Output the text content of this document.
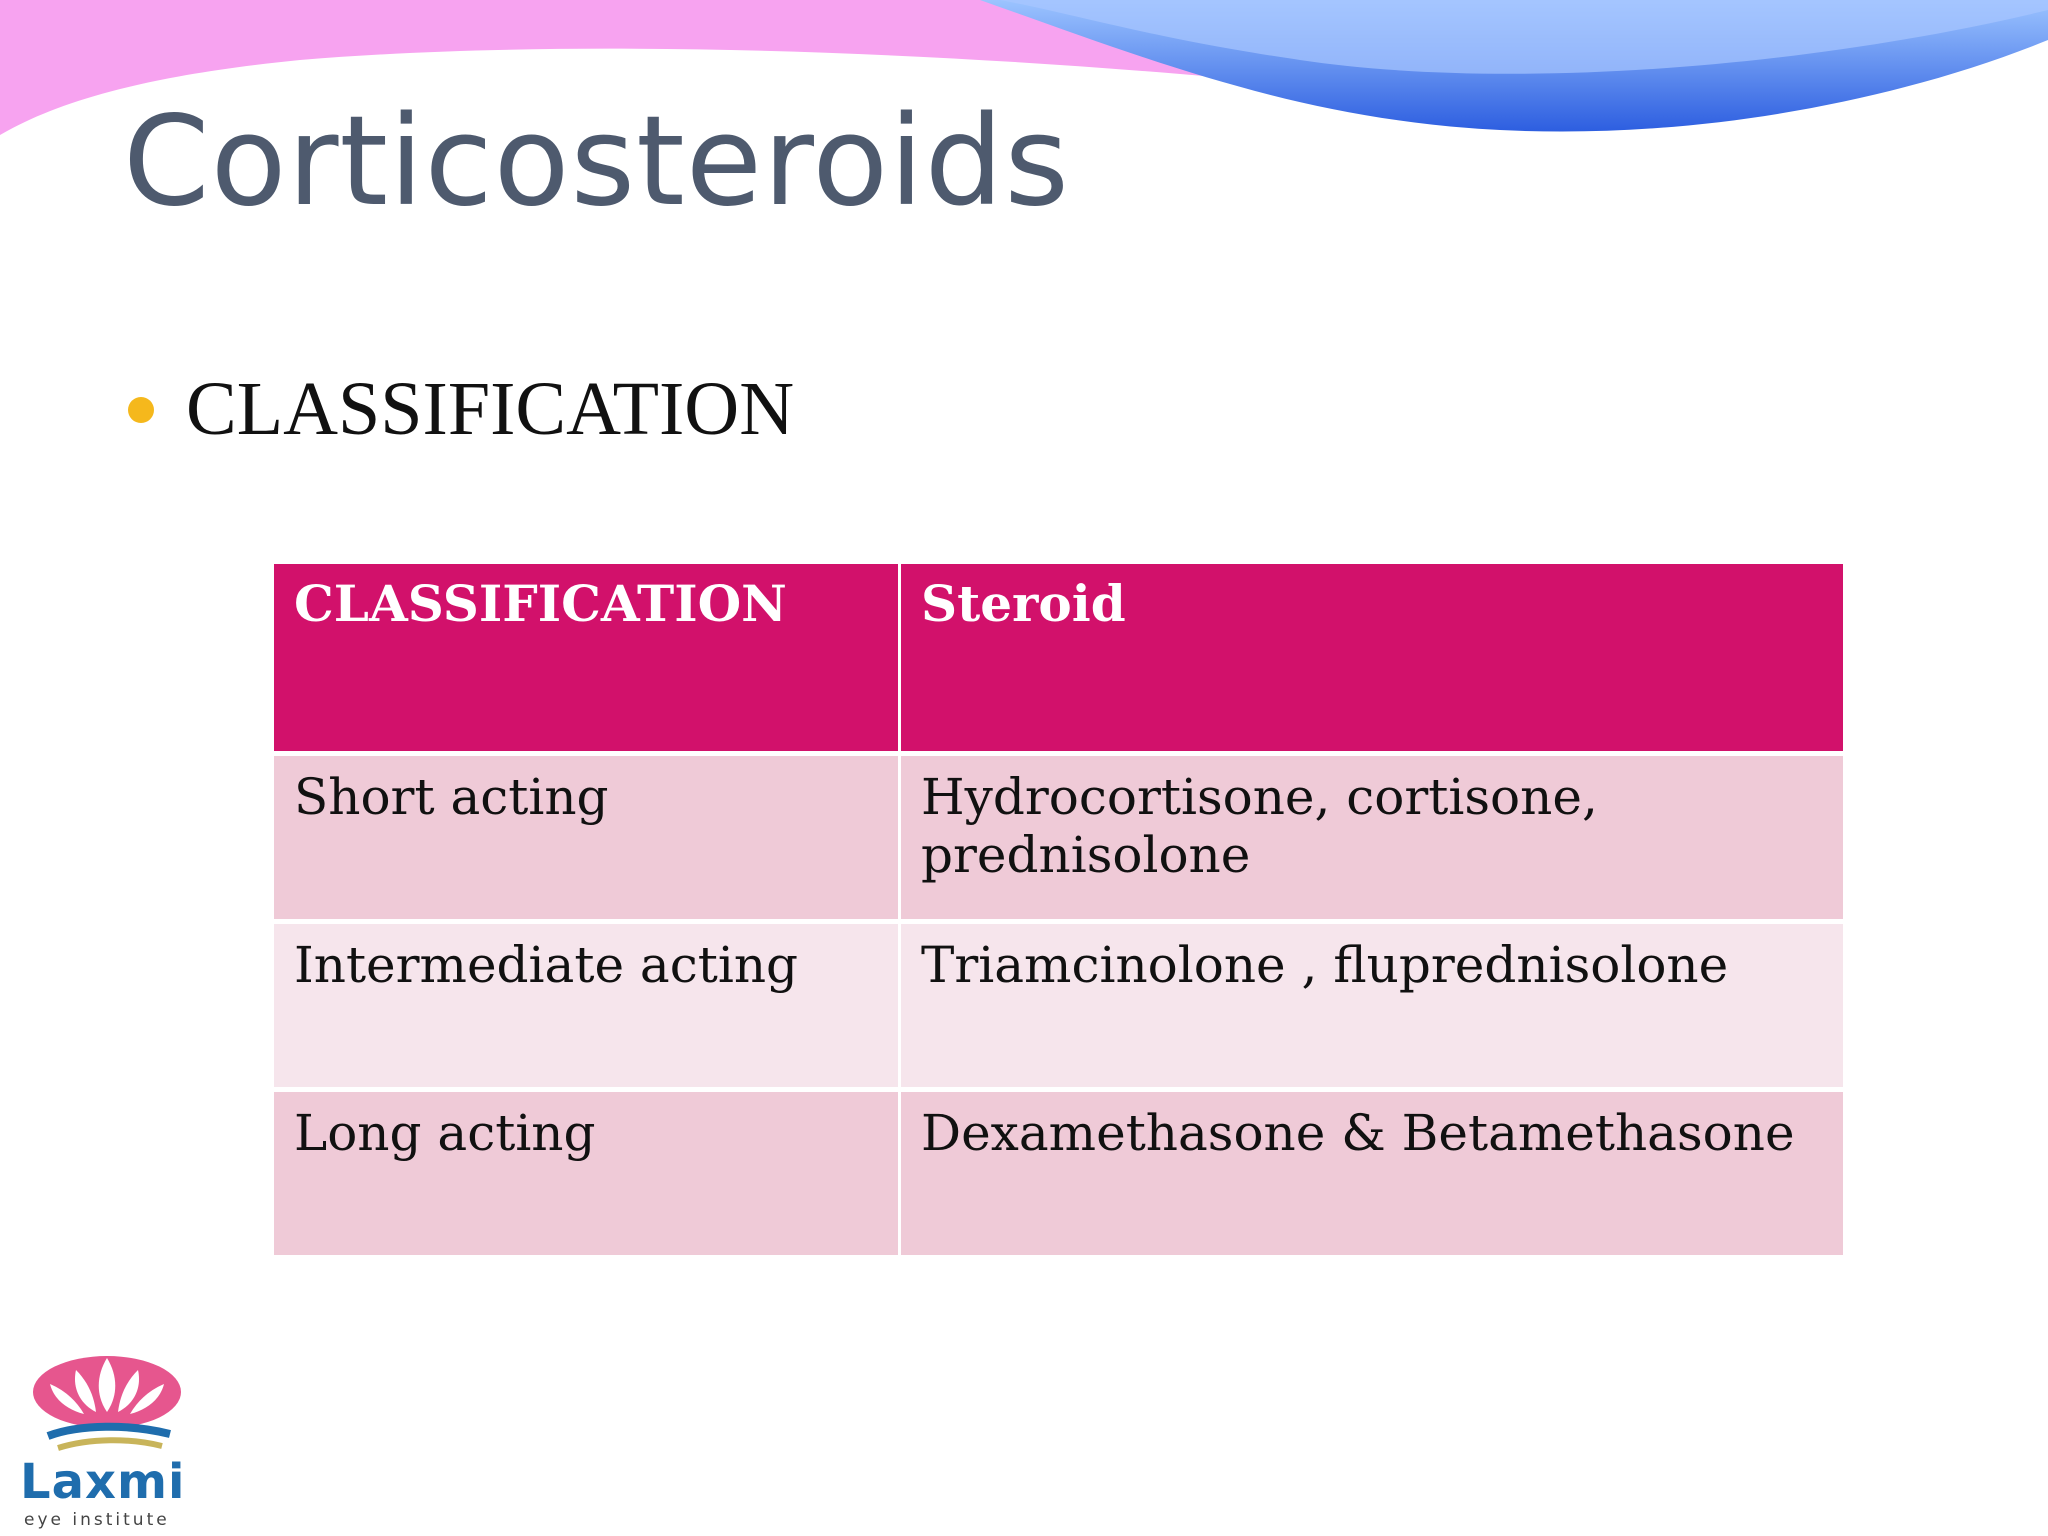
Corticosteroids
CLASSIFICATION
CLASSIFICATION	Steroid
Short acting	Hydrocortisone, cortisone, prednisolone
Intermediate acting	Triamcinolone , fluprednisolone
Long acting	Dexamethasone & Betamethasone
Laxmi
eye institute
